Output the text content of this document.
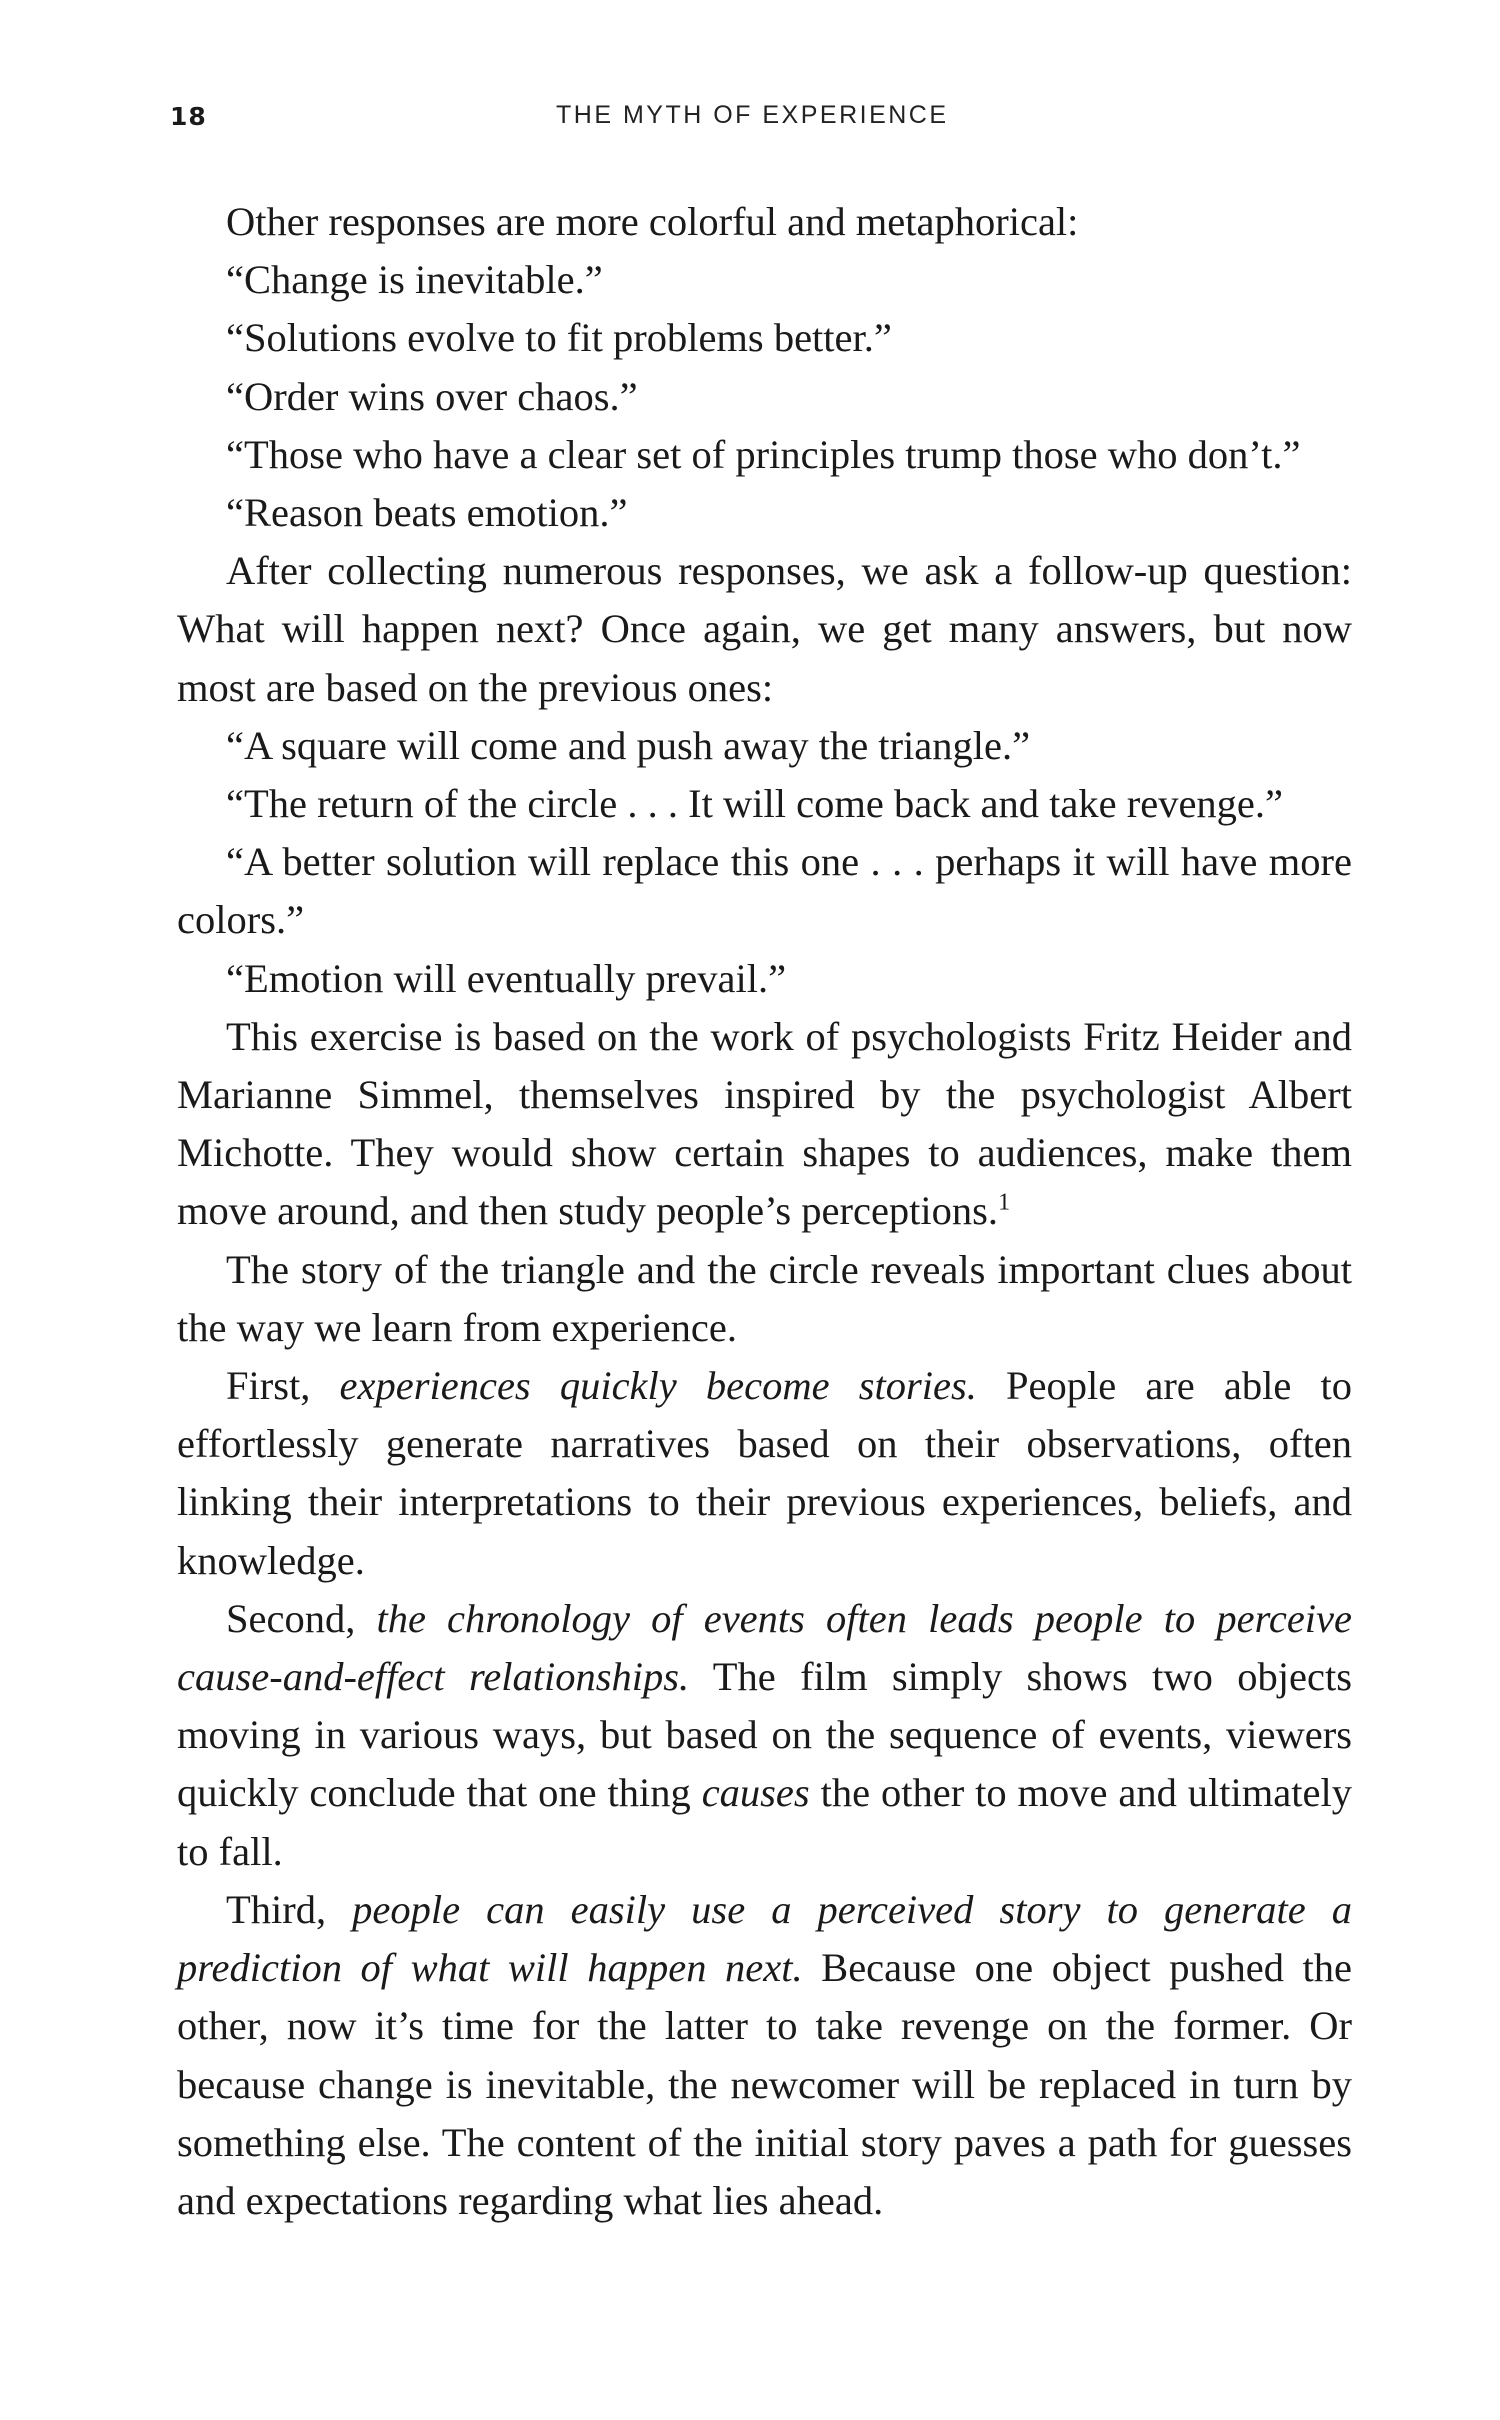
18	THE MYTH OF EXPERIENCE

Other responses are more colorful and metaphorical:

“Change is inevitable.”

“Solutions evolve to fit problems better.”

“Order wins over chaos.”

“Those who have a clear set of principles trump those who don’t.”

“Reason beats emotion.”

After collecting numerous responses, we ask a follow-up question: What will happen next? Once again, we get many answers, but now most are based on the previous ones:

“A square will come and push away the triangle.”

“The return of the circle . . . It will come back and take revenge.”

“A better solution will replace this one . . . perhaps it will have more colors.”

“Emotion will eventually prevail.”

This exercise is based on the work of psychologists Fritz Heider and Marianne Simmel, themselves inspired by the psychologist Albert Michotte. They would show certain shapes to audiences, make them move around, and then study people’s perceptions.$^1$

The story of the triangle and the circle reveals important clues about the way we learn from experience.

First, experiences quickly become stories. People are able to effortlessly generate narratives based on their observations, often linking their interpretations to their previous experiences, beliefs, and knowledge.

Second, the chronology of events often leads people to perceive cause-and-effect relationships. The film simply shows two objects moving in various ways, but based on the sequence of events, viewers quickly conclude that one thing causes the other to move and ultimately to fall.

Third, people can easily use a perceived story to generate a prediction of what will happen next. Because one object pushed the other, now it’s time for the latter to take revenge on the former. Or because change is inevitable, the newcomer will be replaced in turn by something else. The content of the initial story paves a path for guesses and expectations regarding what lies ahead.
